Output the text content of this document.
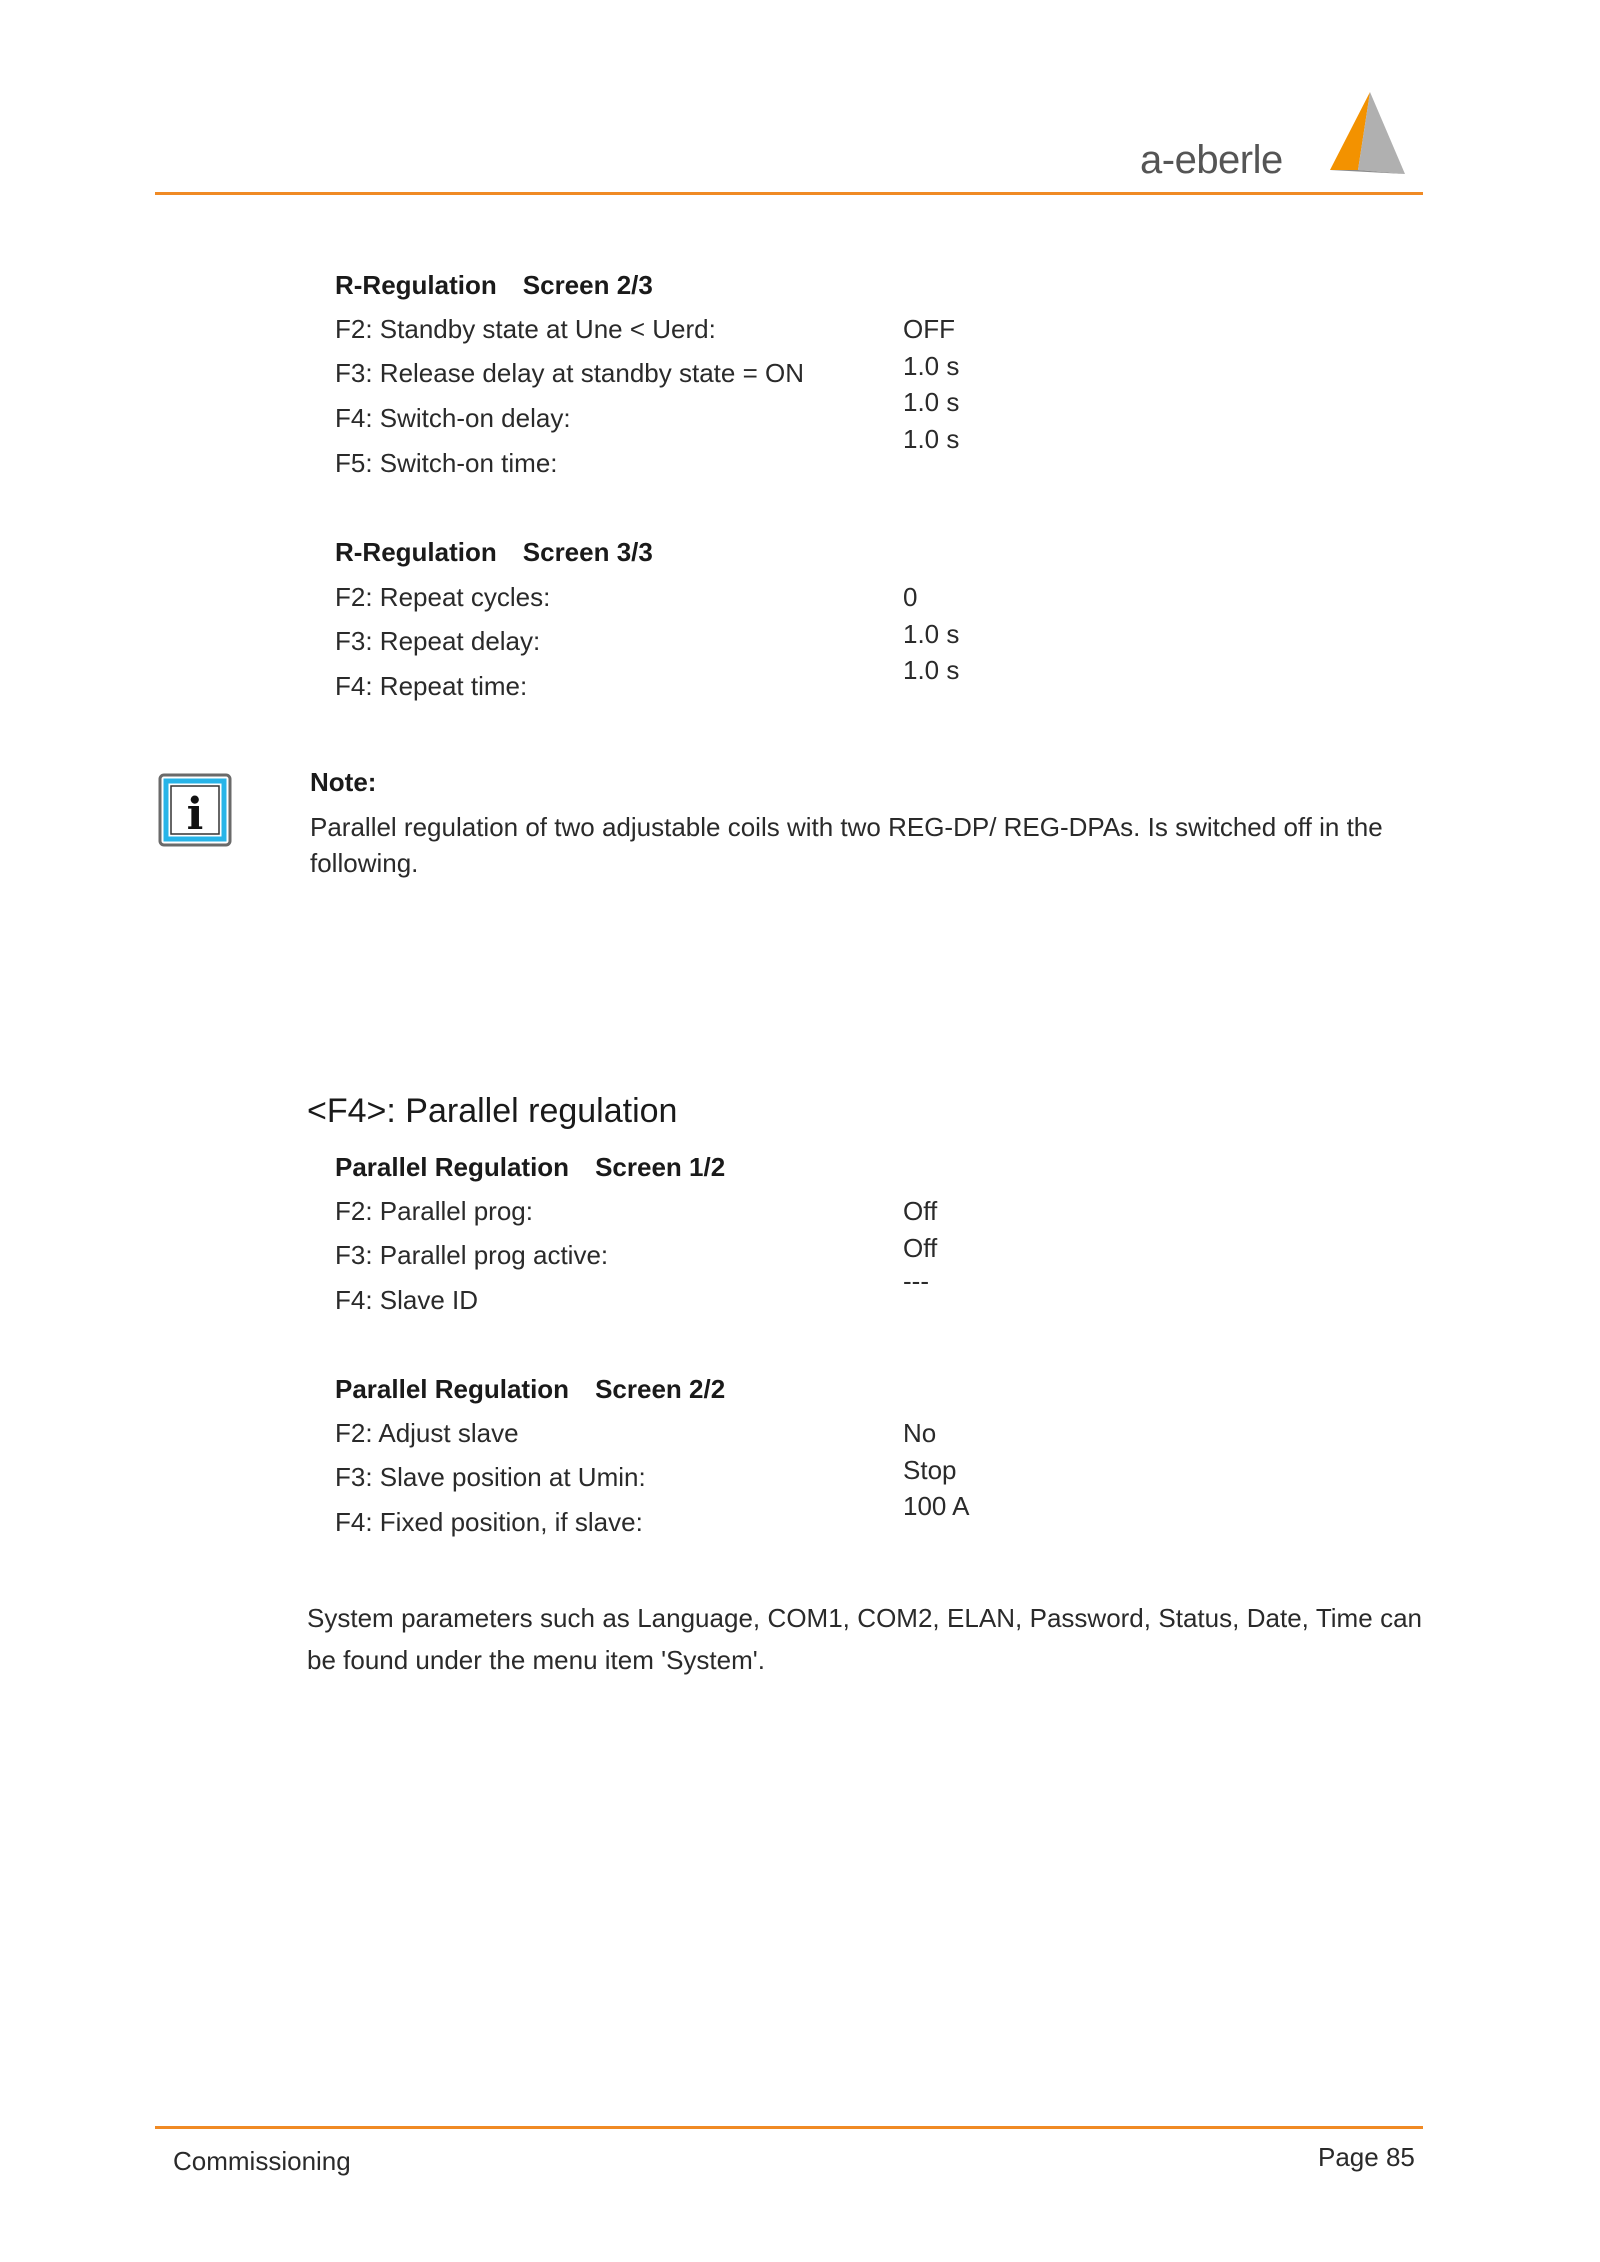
a-eberle
R-Regulation Screen 2/3
F2: Standby state at Une < Uerd:
F3: Release delay at standby state = ON
F4: Switch-on delay:
F5: Switch-on time:
OFF
1.0 s
1.0 s
1.0 s
R-Regulation Screen 3/3
F2: Repeat cycles:
F3: Repeat delay:
F4: Repeat time:
0
1.0 s
1.0 s
i
Note:
Parallel regulation of two adjustable coils with two REG-DP/ REG-DPAs. Is switched off in the
following.
<F4>: Parallel regulation
Parallel Regulation Screen 1/2
F2: Parallel prog:
F3: Parallel prog active:
F4: Slave ID
Off
Off
---
Parallel Regulation Screen 2/2
F2: Adjust slave
F3: Slave position at Umin:
F4: Fixed position, if slave:
No
Stop
100 A
System parameters such as Language, COM1, COM2, ELAN, Password, Status, Date, Time can be found under the menu item 'System'.
Commissioning	Page 85
